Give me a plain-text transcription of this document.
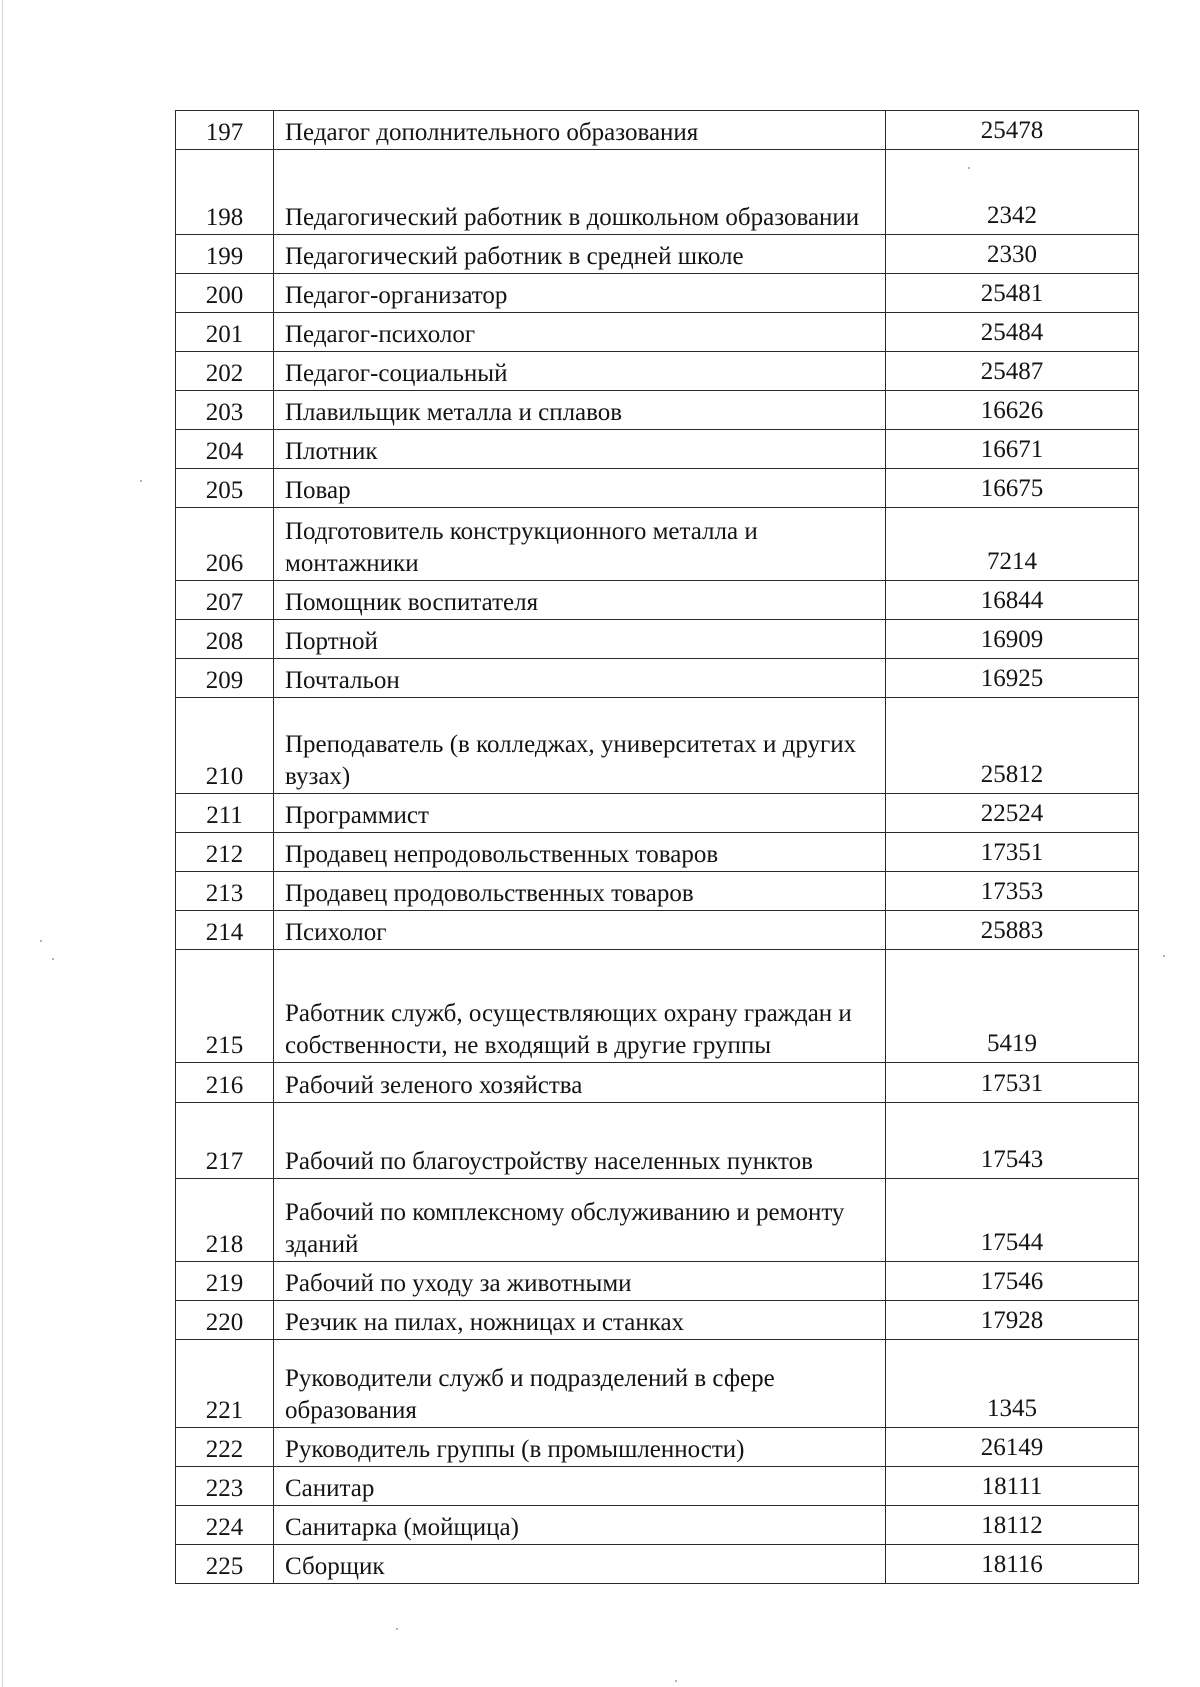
197	Педагог дополнительного образования	25478
198	Педагогический работник в дошкольном образовании	2342
199	Педагогический работник в средней школе	2330
200	Педагог-организатор	25481
201	Педагог-психолог	25484
202	Педагог-социальный	25487
203	Плавильщик металла и сплавов	16626
204	Плотник	16671
205	Повар	16675
206	Подготовитель конструкционного металла и монтажники	7214
207	Помощник воспитателя	16844
208	Портной	16909
209	Почтальон	16925
210	Преподаватель (в колледжах, университетах и других вузах)	25812
211	Программист	22524
212	Продавец непродовольственных товаров	17351
213	Продавец продовольственных товаров	17353
214	Психолог	25883
215	Работник служб, осуществляющих охрану граждан и собственности, не входящий в другие группы	5419
216	Рабочий зеленого хозяйства	17531
217	Рабочий по благоустройству населенных пунктов	17543
218	Рабочий по комплексному обслуживанию и ремонту зданий	17544
219	Рабочий по уходу за животными	17546
220	Резчик на пилах, ножницах и станках	17928
221	Руководители служб и подразделений в сфере образования	1345
222	Руководитель группы (в промышленности)	26149
223	Санитар	18111
224	Санитарка (мойщица)	18112
225	Сборщик	18116
